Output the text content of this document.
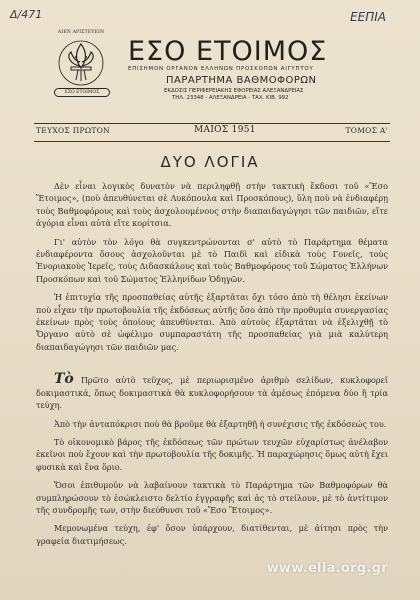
Δ/471	ΕΕΠΙΑ
ΑΙΕΝ ΑΡΙΣΤΕΥΕΙΝ
ΕΣΟ ΕΤΟΙΜΟΣ
ΕΣΟ ΕΤΟΙΜΟΣ
ΕΠΙΣΗΜΟΝ ΟΡΓΑΝΟΝ ΕΛΛΗΝΩΝ ΠΡΟΣΚΟΠΩΝ ΑΙΓΥΠΤΟΥ
ΠΑΡΑΡΤΗΜΑ ΒΑΘΜΟΦΟΡΩΝ
ΕΚΔΟΣΙΣ ΠΕΡΙΦΕΡΕΙΑΚΗΣ ΕΦΟΡΕΙΑΣ ΑΛΕΞΑΝΔΡΕΙΑΣ
ΤΗΛ. 23348 - ΑΛΕΞΑΝΔΡΕΙΑ - ΤΑΧ. ΚΙΒ. 992
ΤΕΥΧΟΣ ΠΡΩΤΟΝ	ΜΑΙΟΣ 1951	ΤΟΜΟΣ Α'
ΔΥΟ ΛΟΓΙΑ

Δὲν εἶναι λογικὸς δυνατὸν νὰ περιληφθῇ στὴν τακτικὴ ἔκδοσι τοῦ «Ἔσο Ἕτοιμος», (ποὺ ἀπευθύνεται σὲ Λυκόπουλα καὶ Προσκόπους), ὕλη ποὺ νὰ ἐνδιαφέρῃ τοὺς Βαθμοφόρους καὶ τοὺς ἀσχολουμένους στὴν διαπαιδαγώγησι τῶν παιδιῶν, εἴτε ἀγόρια εἶναι αὐτὰ εἴτε κορίτσια.

Γι' αὐτὸν τὸν λόγο θὰ συγκεντρώνονται σ' αὐτὸ τὸ Παράρτημα θέματα ἐνδιαφέροντα ὅσους ἀσχολοῦνται μὲ τὸ Παιδὶ καὶ εἰδικὰ τοὺς Γονεῖς, τοὺς Ἐνοριακοὺς Ἱερεῖς, τοὺς Διδασκάλους καὶ τοὺς Βαθμοφόρους τοῦ Σώματος Ἑλλήνων Προσκόπων καὶ τοῦ Σώματος Ἑλληνίδων Ὁδηγῶν.

Ἡ ἐπιτυχία τῆς προσπαθείας αὐτῆς ἐξαρτᾶται ὄχι τόσο ἀπὸ τὴ θέλησι ἐκείνων ποὺ εἶχαν τὴν πρωτοβουλία τῆς ἐκδόσεως αὐτῆς ὅσο ἀπὸ τὴν προθυμία συνεργασίας ἐκείνων πρὸς τοὺς ὁποίους ἀπευθύνεται. Ἀπὸ αὐτοὺς ἐξαρτᾶται νὰ ἐξελιχθῇ τὸ Ὄργανο αὐτὸ σὲ ὠφέλιμο συμπαραστάτη τῆς προσπαθείας γιὰ μιὰ καλύτερη διαπαιδαγώγησι τῶν παιδιῶν μας.

Τὸ Πρῶτο αὐτὸ τεῦχος, μὲ περιωρισμένο ἀριθμὸ σελίδων, κυκλοφορεῖ δοκιμαστικά, ὅπως δοκιμαστικὰ θὰ κυκλοφορήσουν τὰ ἀμέσως ἑπόμενα δύο ἢ τρία τεύχη.

Ἀπὸ τὴν ἀνταπόκρισι ποὺ θὰ βροῦμε θὰ ἐξαρτηθῇ ἡ συνέχισις τῆς ἐκδόσεώς του.

Τὸ οἰκονομικὸ βάρος τῆς ἐκδόσεως τῶν πρώτων τευχῶν εὐχαρίστως ἀνέλαβον ἐκεῖνοι ποὺ ἔχουν καὶ τὴν πρωτοβουλία τῆς δοκιμῆς. Ἡ παραχώρησις ὅμως αὐτὴ ἔχει φυσικὰ καὶ ἕνα ὅριο.

Ὅσοι ἐπιθυμοῦν νὰ λαβαίνουν τακτικὰ τὸ Παράρτημα τῶν Βαθμοφόρων θὰ συμπληρώσουν τὸ ἐσώκλειστο δελτίο ἐγγραφῆς καὶ ἀς τὸ στείλουν, μὲ τὸ ἀντίτιμον τῆς συνδρομῆς των, στὴν διεύθυνσι τοῦ «Ἔσο Ἕτοιμος».

Μεμονωμένα τεύχη, ἐφ' ὅσον ὑπάρχουν, διατίθενται, μὲ ἀίτησι πρὸς τὴν γραφεία διατιμήσεως.

www.elia.org.gr
